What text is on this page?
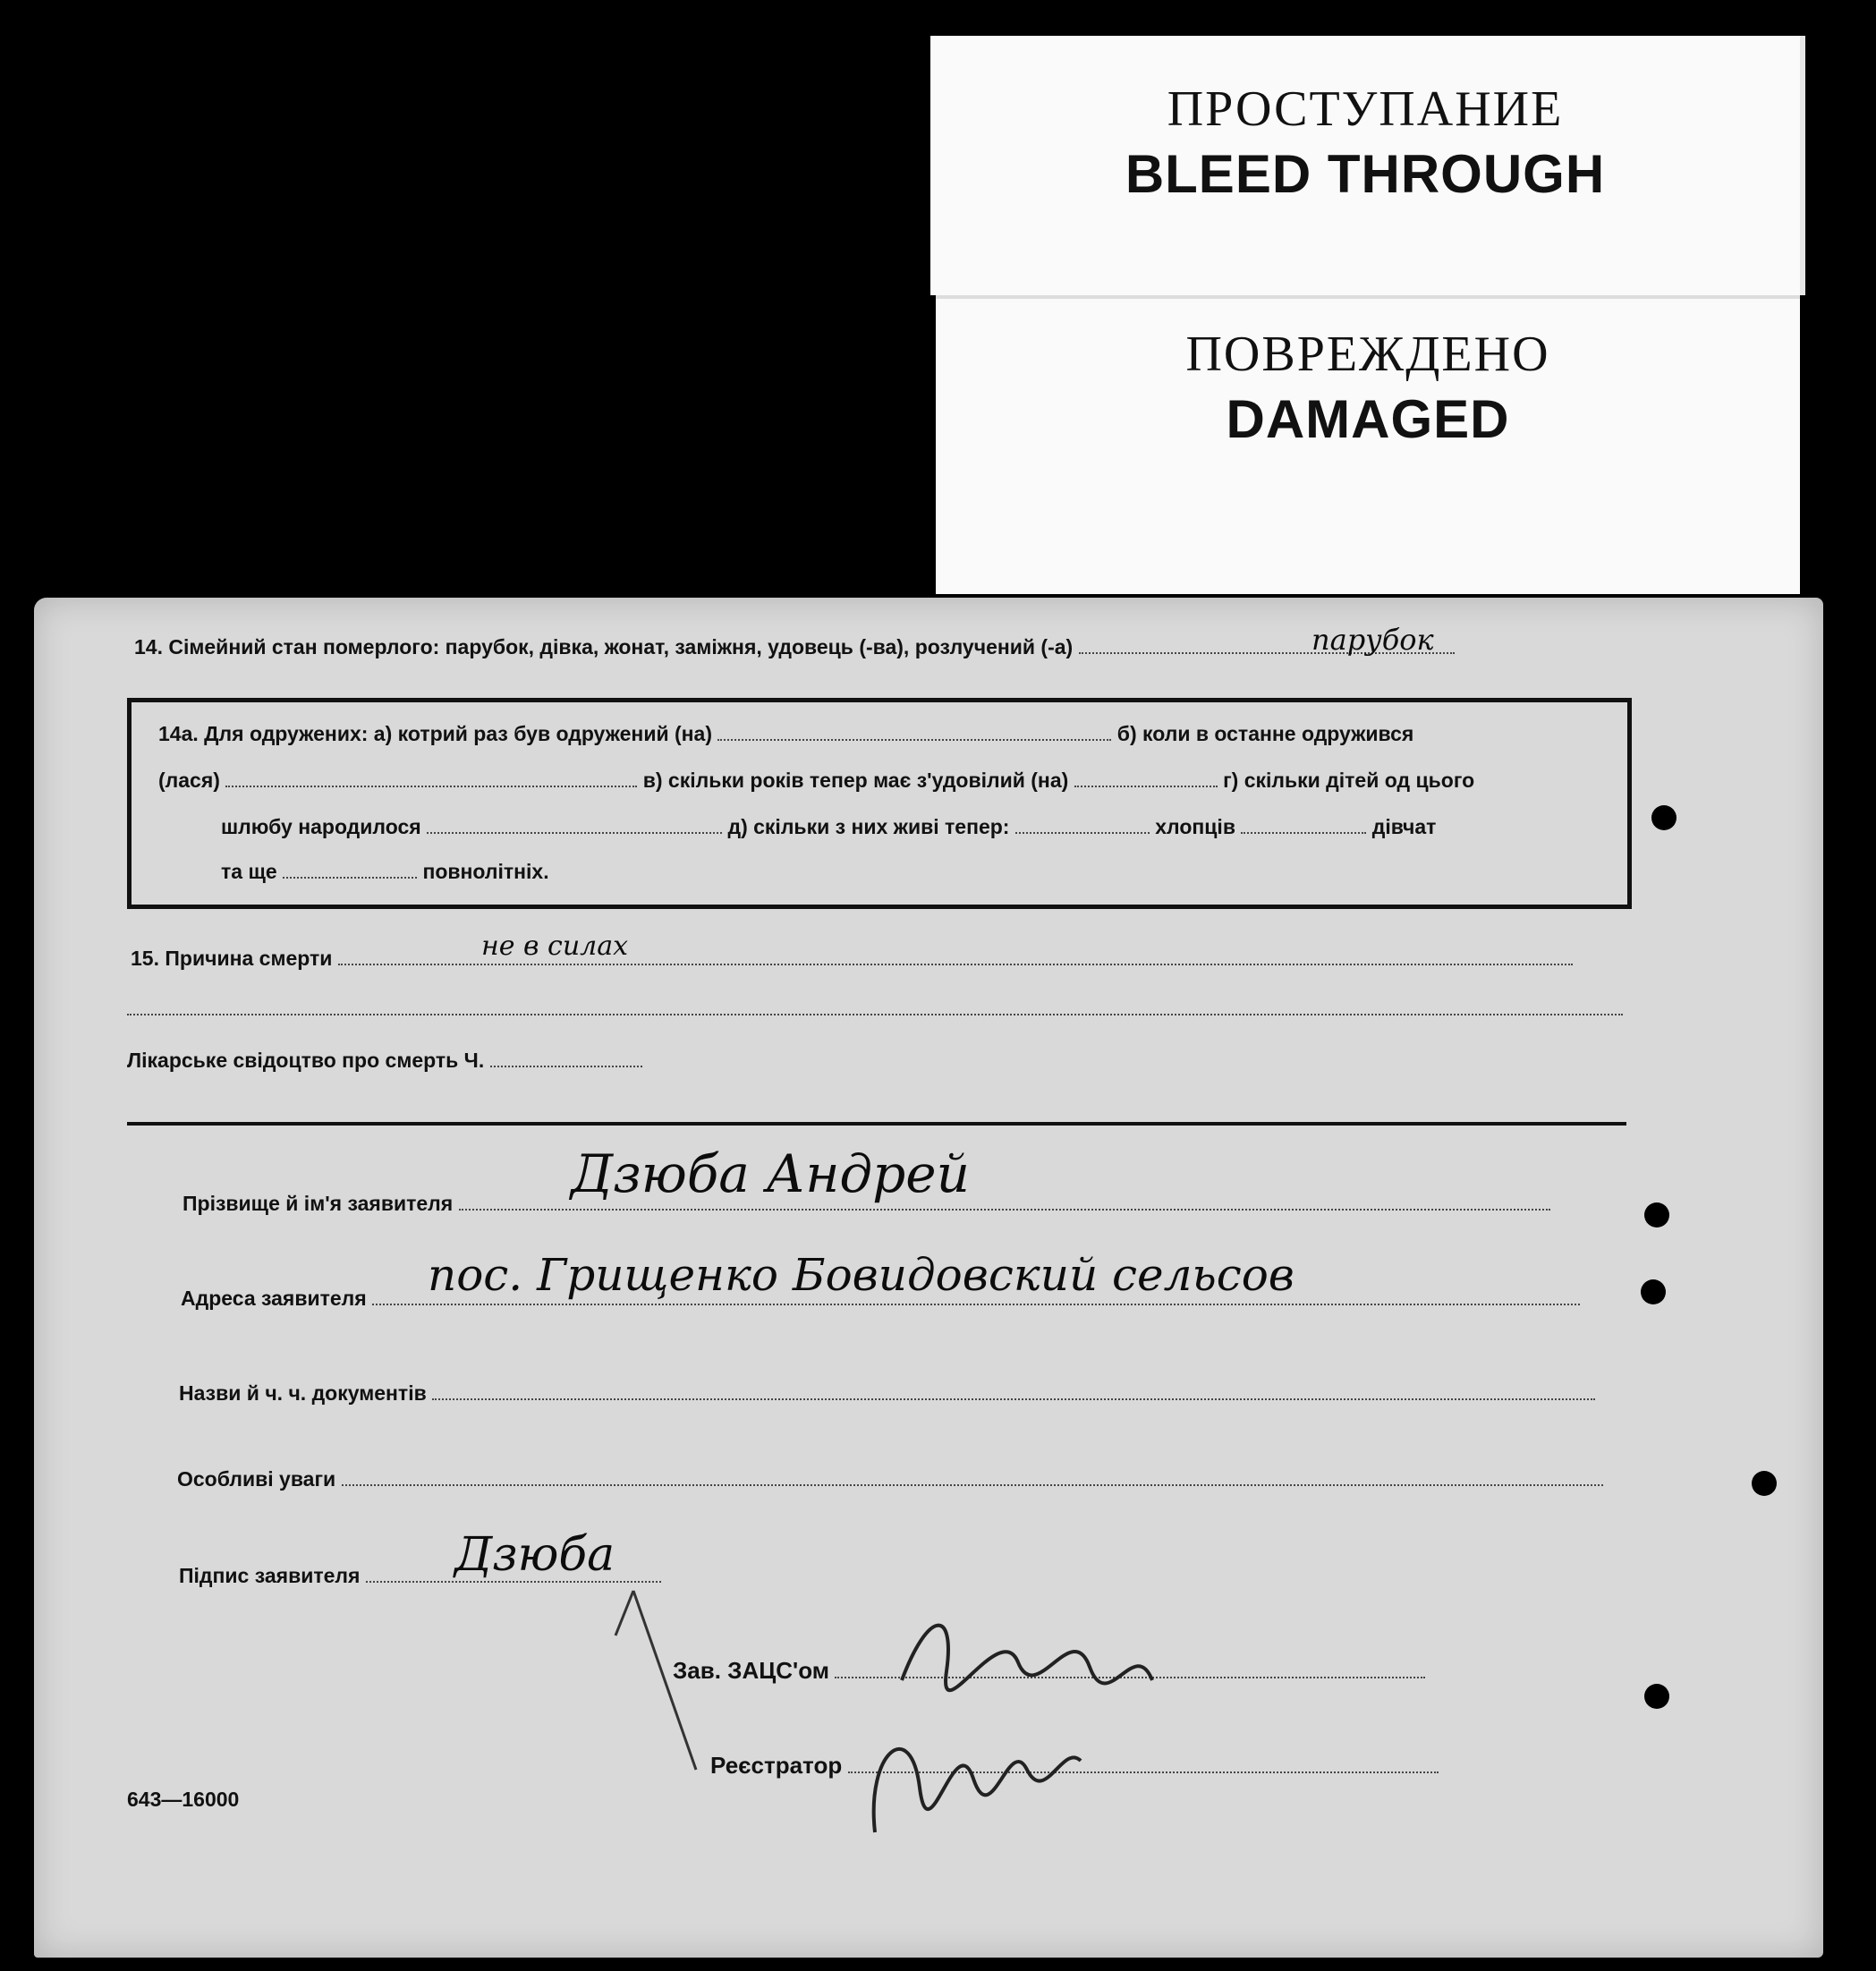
ПРОСТУПАНИЕ
BLEED THROUGH
ПОВРЕЖДЕНО
DAMAGED
14. Сімейний стан померлого: парубок, дівка, жонат, заміжня, удовець (-ва), розлучений (-а)	парубок
14а. Для одружених: а) котрий раз був одружений (на)	б) коли в останне одружився
(лася)	в) скільки років тепер має з'удовілий (на)	г) скільки дітей од цього
шлюбу народилося	д) скільки з них живі тепер:	хлопців	дівчат
та ще	повнолітніх.
15. Причина смерти	не в силах
Лікарське свідоцтво про смерть Ч.
Прізвище й ім'я заявителя	Дзюба Андрей
Адреса заявителя	пос. Грищенко Бовидовский сельсов
Назви й ч. ч. документів
Особливі уваги
Підпис заявителя	Дзюба
Зав. ЗАЦС'ом
Реєстратор
643—16000
